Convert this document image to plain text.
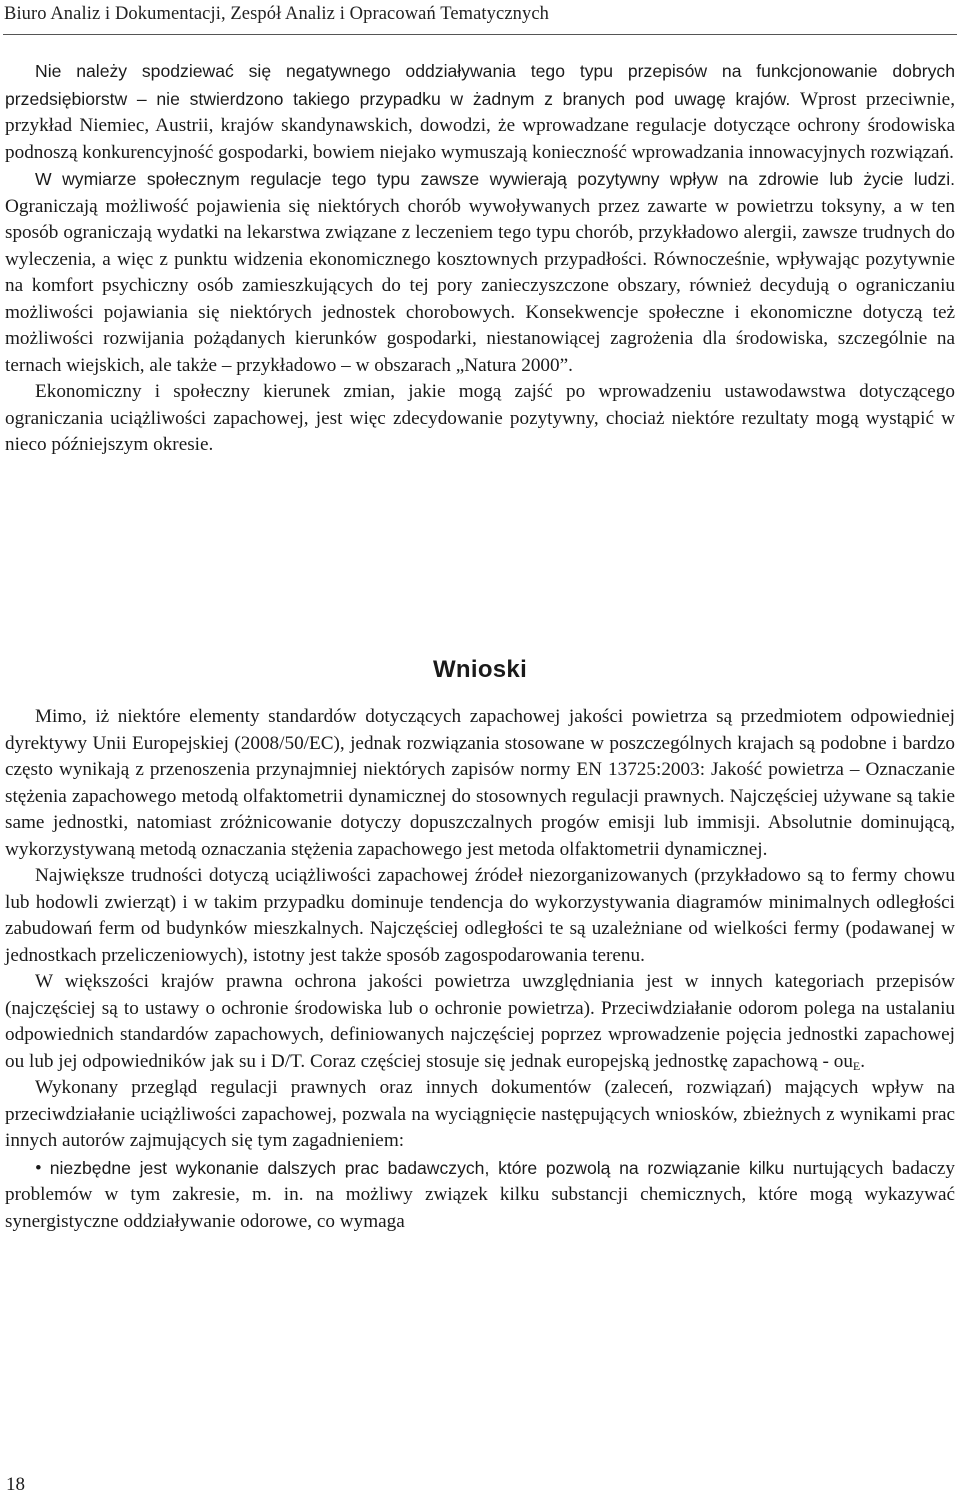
Biuro Analiz i Dokumentacji, Zespół Analiz i Opracowań Tematycznych

Nie należy spodziewać się negatywnego oddziaływania tego typu przepisów na funkcjonowanie dobrych przedsiębiorstw – nie stwierdzono takiego przypadku w żadnym z branych pod uwagę krajów. Wprost przeciwnie, przykład Niemiec, Austrii, krajów skandynawskich, dowodzi, że wprowadzane regulacje dotyczące ochrony środowiska podnoszą konkurencyjność gospodarki, bowiem niejako wymuszają konieczność wprowadzania innowacyjnych rozwiązań.

W wymiarze społecznym regulacje tego typu zawsze wywierają pozytywny wpływ na zdrowie lub życie ludzi. Ograniczają możliwość pojawienia się niektórych chorób wywoływanych przez zawarte w powietrzu toksyny, a w ten sposób ograniczają wydatki na lekarstwa związane z leczeniem tego typu chorób, przykładowo alergii, zawsze trudnych do wyleczenia, a więc z punktu widzenia ekonomicznego kosztownych przypadłości. Równocześnie, wpływając pozytywnie na komfort psychiczny osób zamieszkujących do tej pory zanieczyszczone obszary, również decydują o ograniczaniu możliwości pojawiania się niektórych jednostek chorobowych. Konsekwencje społeczne i ekonomiczne dotyczą też możliwości rozwijania pożądanych kierunków gospodarki, niestanowiącej zagrożenia dla środowiska, szczególnie na ternach wiejskich, ale także – przykładowo – w obszarach „Natura 2000”.

Ekonomiczny i społeczny kierunek zmian, jakie mogą zajść po wprowadzeniu ustawodawstwa dotyczącego ograniczania uciążliwości zapachowej, jest więc zdecydowanie pozytywny, chociaż niektóre rezultaty mogą wystąpić w nieco późniejszym okresie.

Wnioski

Mimo, iż niektóre elementy standardów dotyczących zapachowej jakości powietrza są przedmiotem odpowiedniej dyrektywy Unii Europejskiej (2008/50/EC), jednak rozwiązania stosowane w poszczególnych krajach są podobne i bardzo często wynikają z przenoszenia przynajmniej niektórych zapisów normy EN 13725:2003: Jakość powietrza – Oznaczanie stężenia zapachowego metodą olfaktometrii dynamicznej do stosownych regulacji prawnych. Najczęściej używane są takie same jednostki, natomiast zróżnicowanie dotyczy dopuszczalnych progów emisji lub immisji. Absolutnie dominującą, wykorzystywaną metodą oznaczania stężenia zapachowego jest metoda olfaktometrii dynamicznej.

Największe trudności dotyczą uciążliwości zapachowej źródeł niezorganizowanych (przykładowo są to fermy chowu lub hodowli zwierząt) i w takim przypadku dominuje tendencja do wykorzystywania diagramów minimalnych odległości zabudowań ferm od budynków mieszkalnych. Najczęściej odległości te są uzależniane od wielkości fermy (podawanej w jednostkach przeliczeniowych), istotny jest także sposób zagospodarowania terenu.

W większości krajów prawna ochrona jakości powietrza uwzględniania jest w innych kategoriach przepisów (najczęściej są to ustawy o ochronie środowiska lub o ochronie powietrza). Przeciwdziałanie odorom polega na ustalaniu odpowiednich standardów zapachowych, definiowanych najczęściej poprzez wprowadzenie pojęcia jednostki zapachowej ou lub jej odpowiedników jak su i D/T. Coraz częściej stosuje się jednak europejską jednostkę zapachową - $ou_E$.

Wykonany przegląd regulacji prawnych oraz innych dokumentów (zaleceń, rozwiązań) mających wpływ na przeciwdziałanie uciążliwości zapachowej, pozwala na wyciągnięcie następujących wniosków, zbieżnych z wynikami prac innych autorów zajmujących się tym zagadnieniem:

• niezbędne jest wykonanie dalszych prac badawczych, które pozwolą na rozwiązanie kilku nurtujących badaczy problemów w tym zakresie, m. in. na możliwy związek kilku substancji chemicznych, które mogą wykazywać synergistyczne oddziaływanie odorowe, co wymaga

18
